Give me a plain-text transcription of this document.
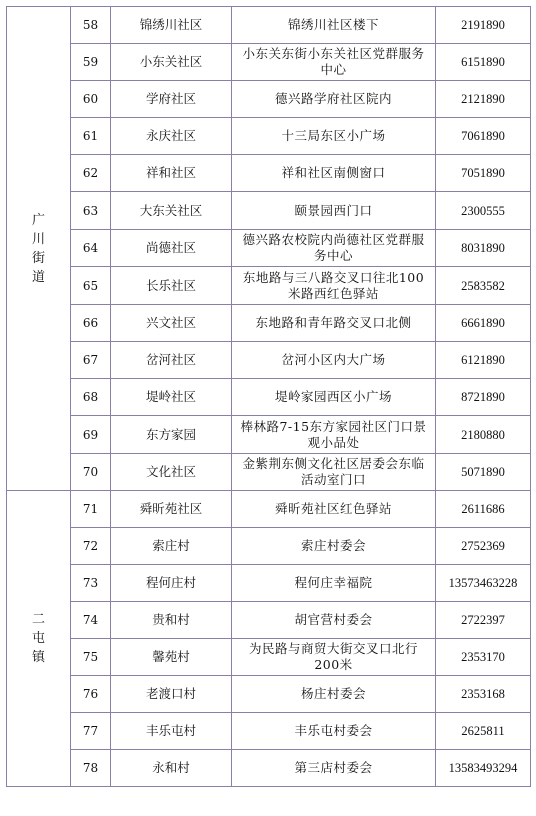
广川街道	58	锦绣川社区	锦绣川社区楼下	2191890
	59	小东关社区	小东关东街小东关社区党群服务中心	6151890
	60	学府社区	德兴路学府社区院内	2121890
	61	永庆社区	十三局东区小广场	7061890
	62	祥和社区	祥和社区南侧窗口	7051890
	63	大东关社区	颐景园西门口	2300555
	64	尚德社区	德兴路农校院内尚德社区党群服务中心	8031890
	65	长乐社区	东地路与三八路交叉口往北100米路西红色驿站	2583582
	66	兴文社区	东地路和青年路交叉口北侧	6661890
	67	岔河社区	岔河小区内大广场	6121890
	68	堤岭社区	堤岭家园西区小广场	8721890
	69	东方家园	棒林路7-15东方家园社区门口景观小品处	2180880
	70	文化社区	金紫荆东侧文化社区居委会东临活动室门口	5071890
二屯镇	71	舜昕苑社区	舜昕苑社区红色驿站	2611686
	72	索庄村	索庄村委会	2752369
	73	程何庄村	程何庄幸福院	13573463228
	74	贵和村	胡官营村委会	2722397
	75	馨苑村	为民路与商贸大街交叉口北行200米	2353170
	76	老渡口村	杨庄村委会	2353168
	77	丰乐屯村	丰乐屯村委会	2625811
	78	永和村	第三店村委会	13583493294
